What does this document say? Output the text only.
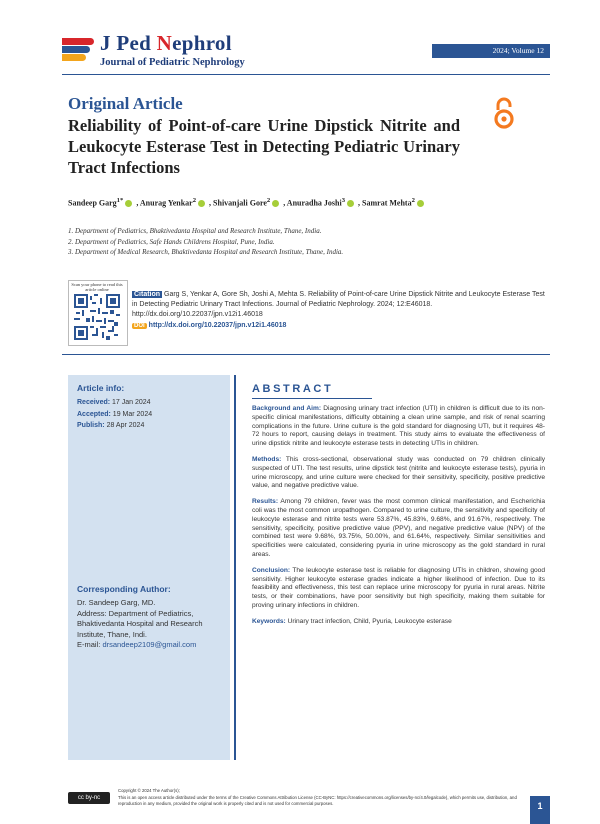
J Ped Nephrol
Journal of Pediatric Nephrology
2024; Volume 12
Original Article
Reliability of Point-of-care Urine Dipstick Nitrite and Leukocyte Esterase Test in Detecting Pediatric Urinary Tract Infections
Sandeep Garg$^{1*}$ , Anurag Yenkar$^2$ , Shivanjali Gore$^2$ , Anuradha Joshi$^3$ , Samrat Mehta$^2$
1. Department of Pediatrics, Bhaktivedanta Hospital and Research Institute, Thane, India.
2. Department of Pediatrics, Safe Hands Childrens Hospital, Pune, India.
3. Department of Medical Research, Bhaktivedanta Hospital and Research Institute, Thane, India.
Scan your phone to read this article online
Citation Garg S, Yenkar A, Gore Sh, Joshi A, Mehta S. Reliability of Point-of-care Urine Dipstick Nitrite and Leukocyte Esterase Test in Detecting Pediatric Urinary Tract Infections. Journal of Pediatric Nephrology. 2024; 12:E46018. http://dx.doi.org/10.22037/jpn.v12i1.46018
DOI http://dx.doi.org/10.22037/jpn.v12i1.46018
Article info:
Received: 17 Jan 2024
Accepted: 19 Mar 2024
Publish: 28 Apr 2024
Corresponding Author:
Dr. Sandeep Garg, MD.
Address: Department of Pediatrics, Bhaktivedanta Hospital and Research Institute, Thane, Indi.
E-mail: drsandeep2109@gmail.com
ABSTRACT

Background and Aim: Diagnosing urinary tract infection (UTI) in children is difficult due to its non-specific clinical manifestations, difficulty obtaining a clean urine sample, and risk of renal scarring complications in the future. Urine culture is the gold standard for diagnosing UTI, but it requires 48-72 hours to report, causing delays in treatment. This study aims to evaluate the effectiveness of urine dipstick nitrite and leukocyte esterase tests in detecting UTIs in children.

Methods: This cross-sectional, observational study was conducted on 79 children clinically suspected of UTI. The test results, urine dipstick test (nitrite and leukocyte esterase tests), pyuria in urine microscopy, and urine culture were checked for their sensitivity, specificity, positive predictive value, and negative predictive value.

Results: Among 79 children, fever was the most common clinical manifestation, and Escherichia coli was the most common uropathogen. Compared to urine culture, the sensitivity and specificity of leukocyte esterase and nitrite tests were 53.87%, 45.83%, 9.68%, and 91.67%, respectively. The sensitivity, specificity, positive predictive value (PPV), and negative predictive value (NPV) of the combined test were 9.68%, 93.75%, 50.00%, and 61.64%, respectively. Similar sensitivities and specificities were calculated, considering pyuria in urine microscopy as the gold standard in rural areas.

Conclusion: The leukocyte esterase test is reliable for diagnosing UTIs in children, showing good sensitivity. Higher leukocyte esterase grades indicate a higher likelihood of infection. Due to its feasibility and effectiveness, this test can replace urine microscopy for pyuria in rural areas. Nitrite tests, or their combinations, have poor sensitivity but high specificity, making them suitable for proving urinary infections in children.

Keywords: Urinary tract infection, Child, Pyuria, Leukocyte esterase

cc by-nc
Copyright © 2024 The Author(s);
This is an open access article distributed under the terms of the Creative Commons Attribution License (CC-ByNC: https://creativecommons.org/licenses/by-nc/4.0/legalcode), which permits use, distribution, and reproduction in any medium, provided the original work is properly cited and is not used for commercial purposes.	1
